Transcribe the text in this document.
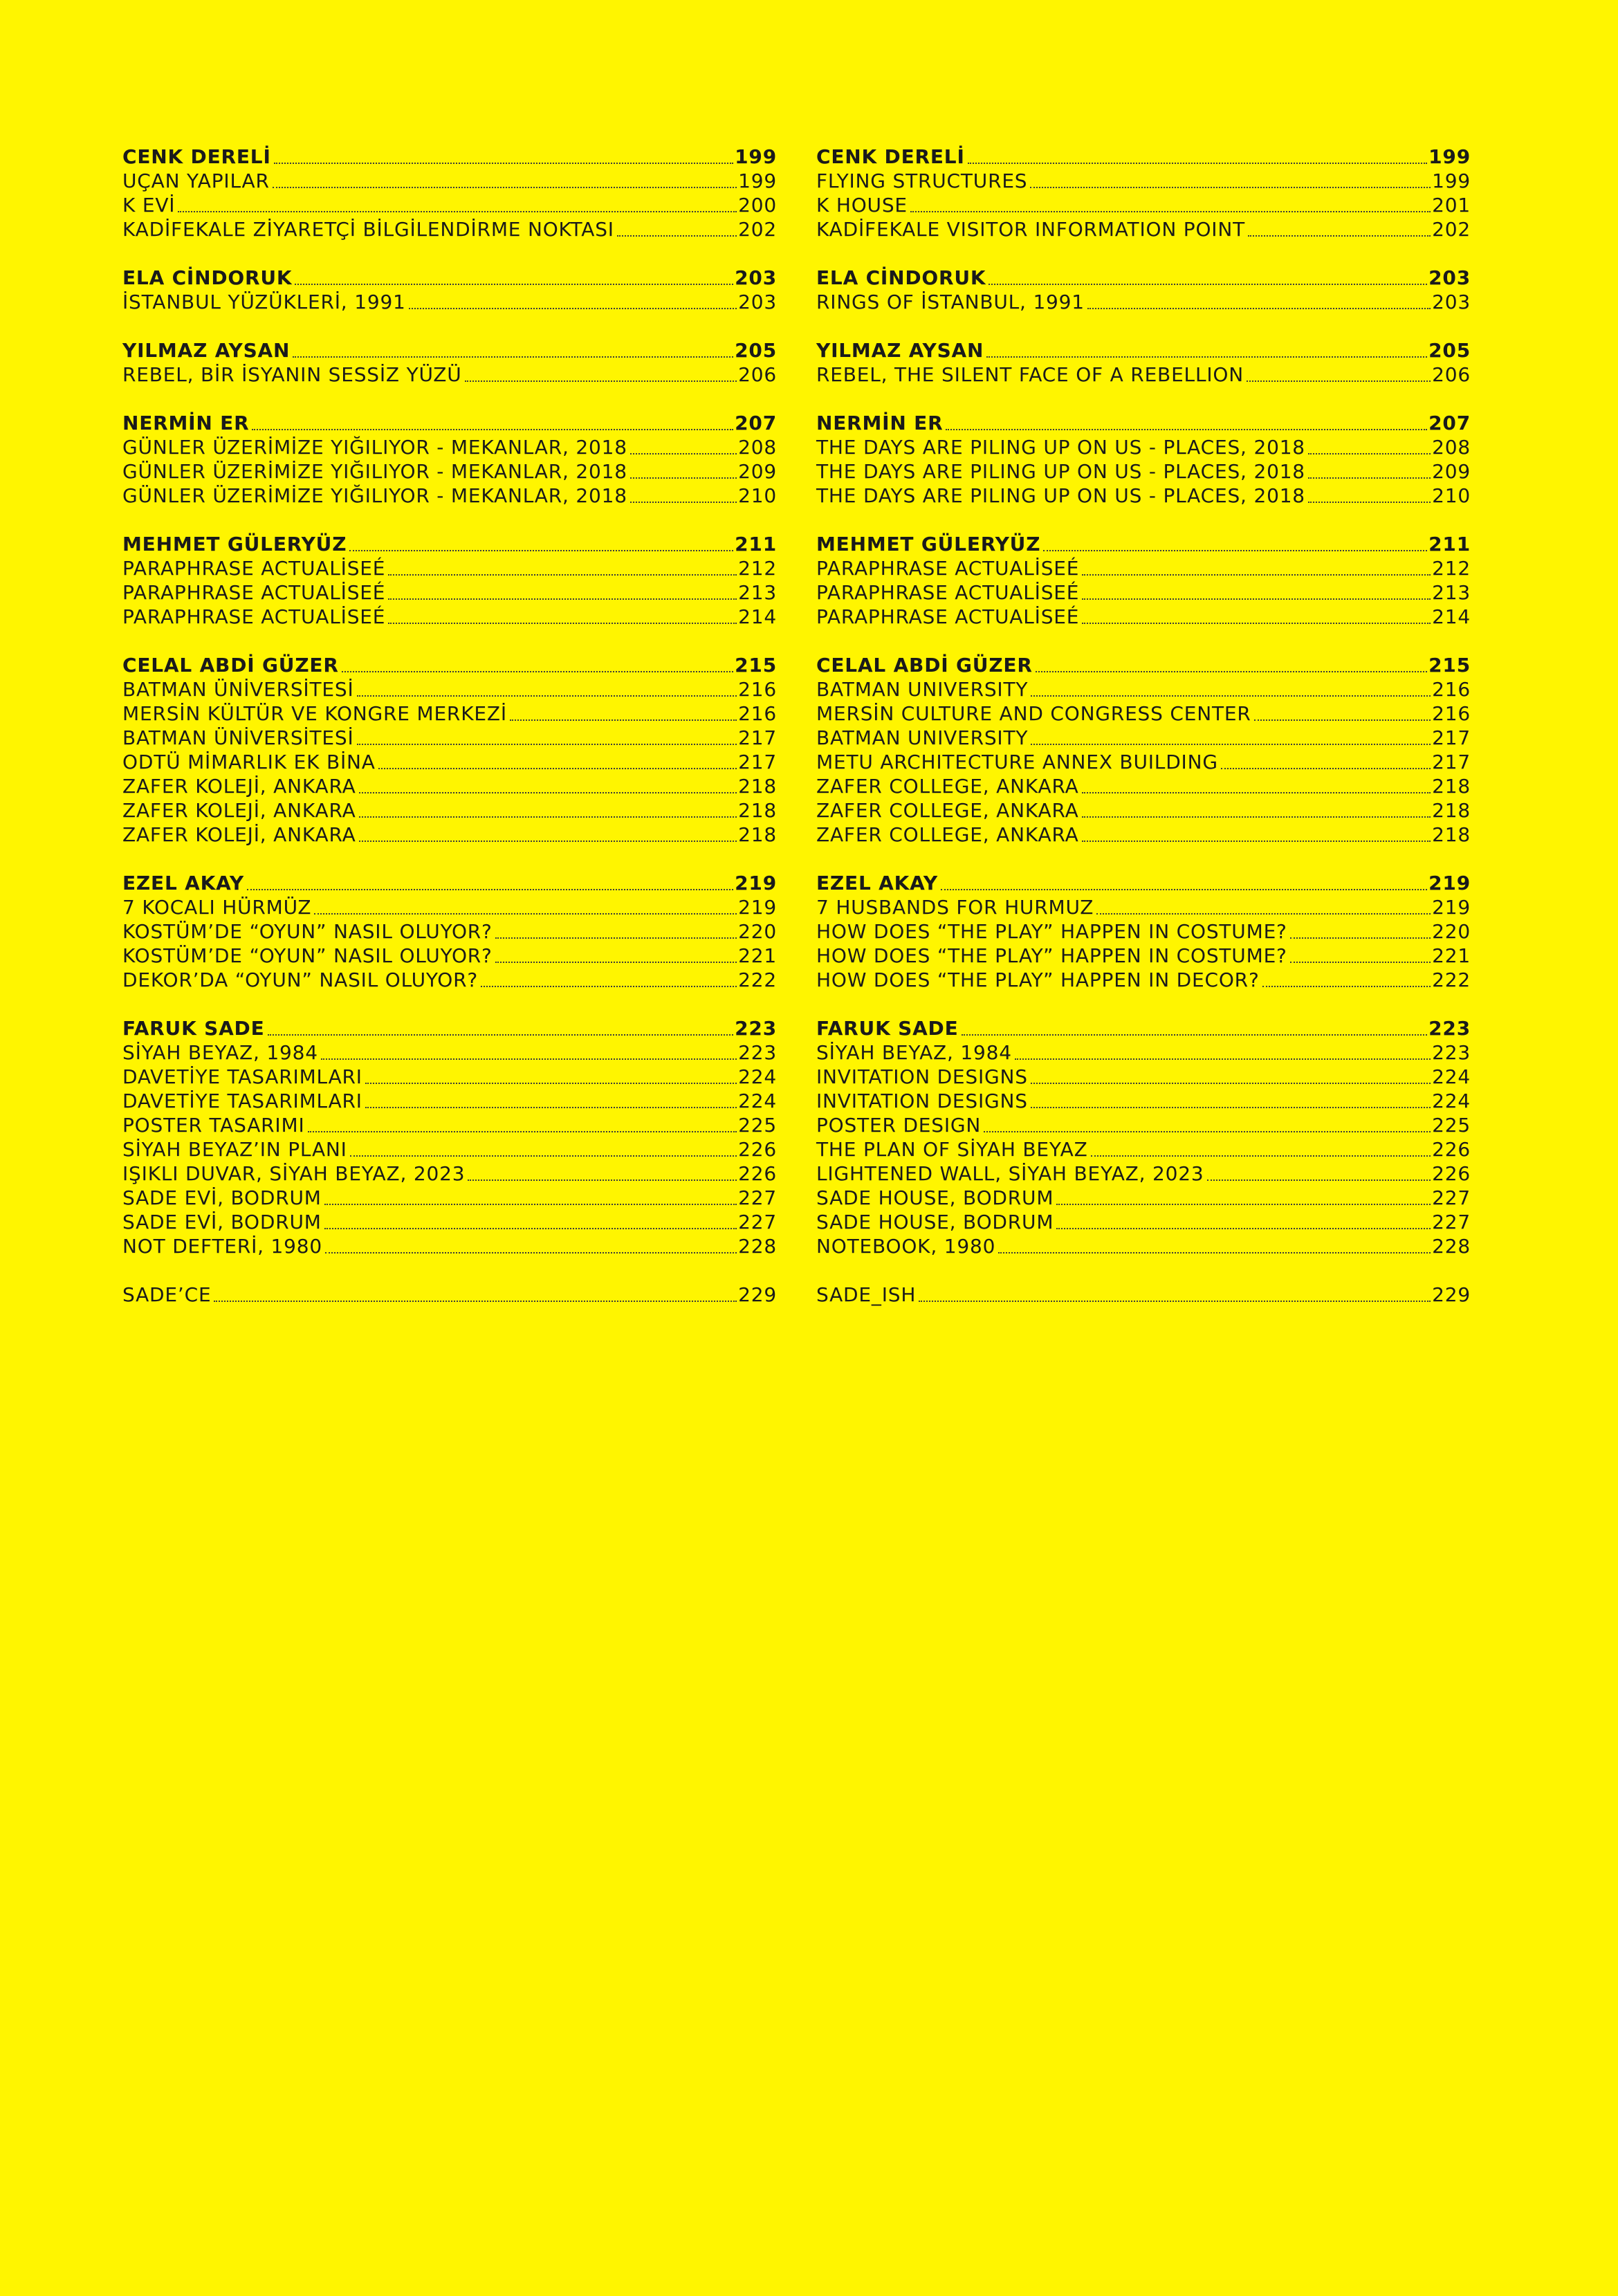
CENK DERELİ	199
UÇAN YAPILAR	199
K EVİ	200
KADİFEKALE ZİYARETÇİ BİLGİLENDİRME NOKTASI	202
ELA CİNDORUK	203
İSTANBUL YÜZÜKLERİ, 1991	203
YILMAZ AYSAN	205
REBEL, BİR İSYANIN SESSİZ YÜZÜ	206
NERMİN ER	207
GÜNLER ÜZERİMİZE YIĞILIYOR - MEKANLAR, 2018	208
GÜNLER ÜZERİMİZE YIĞILIYOR - MEKANLAR, 2018	209
GÜNLER ÜZERİMİZE YIĞILIYOR - MEKANLAR, 2018	210
MEHMET GÜLERYÜZ	211
PARAPHRASE ACTUALİSEÉ	212
PARAPHRASE ACTUALİSEÉ	213
PARAPHRASE ACTUALİSEÉ	214
CELAL ABDİ GÜZER	215
BATMAN ÜNİVERSİTESİ	216
MERSİN KÜLTÜR VE KONGRE MERKEZİ	216
BATMAN ÜNİVERSİTESİ	217
ODTÜ MİMARLIK EK BİNA	217
ZAFER KOLEJİ, ANKARA	218
ZAFER KOLEJİ, ANKARA	218
ZAFER KOLEJİ, ANKARA	218
EZEL AKAY	219
7 KOCALI HÜRMÜZ	219
KOSTÜM’DE “OYUN” NASIL OLUYOR?	220
KOSTÜM’DE “OYUN” NASIL OLUYOR?	221
DEKOR’DA “OYUN” NASIL OLUYOR?	222
FARUK SADE	223
SİYAH BEYAZ, 1984	223
DAVETİYE TASARIMLARI	224
DAVETİYE TASARIMLARI	224
POSTER TASARIMI	225
SİYAH BEYAZ’IN PLANI	226
IŞIKLI DUVAR, SİYAH BEYAZ, 2023	226
SADE EVİ, BODRUM	227
SADE EVİ, BODRUM	227
NOT DEFTERİ, 1980	228
SADE’CE	229
CENK DERELİ	199
FLYING STRUCTURES	199
K HOUSE	201
KADİFEKALE VISITOR INFORMATION POINT	202
ELA CİNDORUK	203
RINGS OF İSTANBUL, 1991	203
YILMAZ AYSAN	205
REBEL, THE SILENT FACE OF A REBELLION	206
NERMİN ER	207
THE DAYS ARE PILING UP ON US - PLACES, 2018	208
THE DAYS ARE PILING UP ON US - PLACES, 2018	209
THE DAYS ARE PILING UP ON US - PLACES, 2018	210
MEHMET GÜLERYÜZ	211
PARAPHRASE ACTUALİSEÉ	212
PARAPHRASE ACTUALİSEÉ	213
PARAPHRASE ACTUALİSEÉ	214
CELAL ABDİ GÜZER	215
BATMAN UNIVERSITY	216
MERSİN CULTURE AND CONGRESS CENTER	216
BATMAN UNIVERSITY	217
METU ARCHITECTURE ANNEX BUILDING	217
ZAFER COLLEGE, ANKARA	218
ZAFER COLLEGE, ANKARA	218
ZAFER COLLEGE, ANKARA	218
EZEL AKAY	219
7 HUSBANDS FOR HURMUZ	219
HOW DOES “THE PLAY” HAPPEN IN COSTUME?	220
HOW DOES “THE PLAY” HAPPEN IN COSTUME?	221
HOW DOES “THE PLAY” HAPPEN IN DECOR?	222
FARUK SADE	223
SİYAH BEYAZ, 1984	223
INVITATION DESIGNS	224
INVITATION DESIGNS	224
POSTER DESIGN	225
THE PLAN OF SİYAH BEYAZ	226
LIGHTENED WALL, SİYAH BEYAZ, 2023	226
SADE HOUSE, BODRUM	227
SADE HOUSE, BODRUM	227
NOTEBOOK, 1980	228
SADE_ISH	229
